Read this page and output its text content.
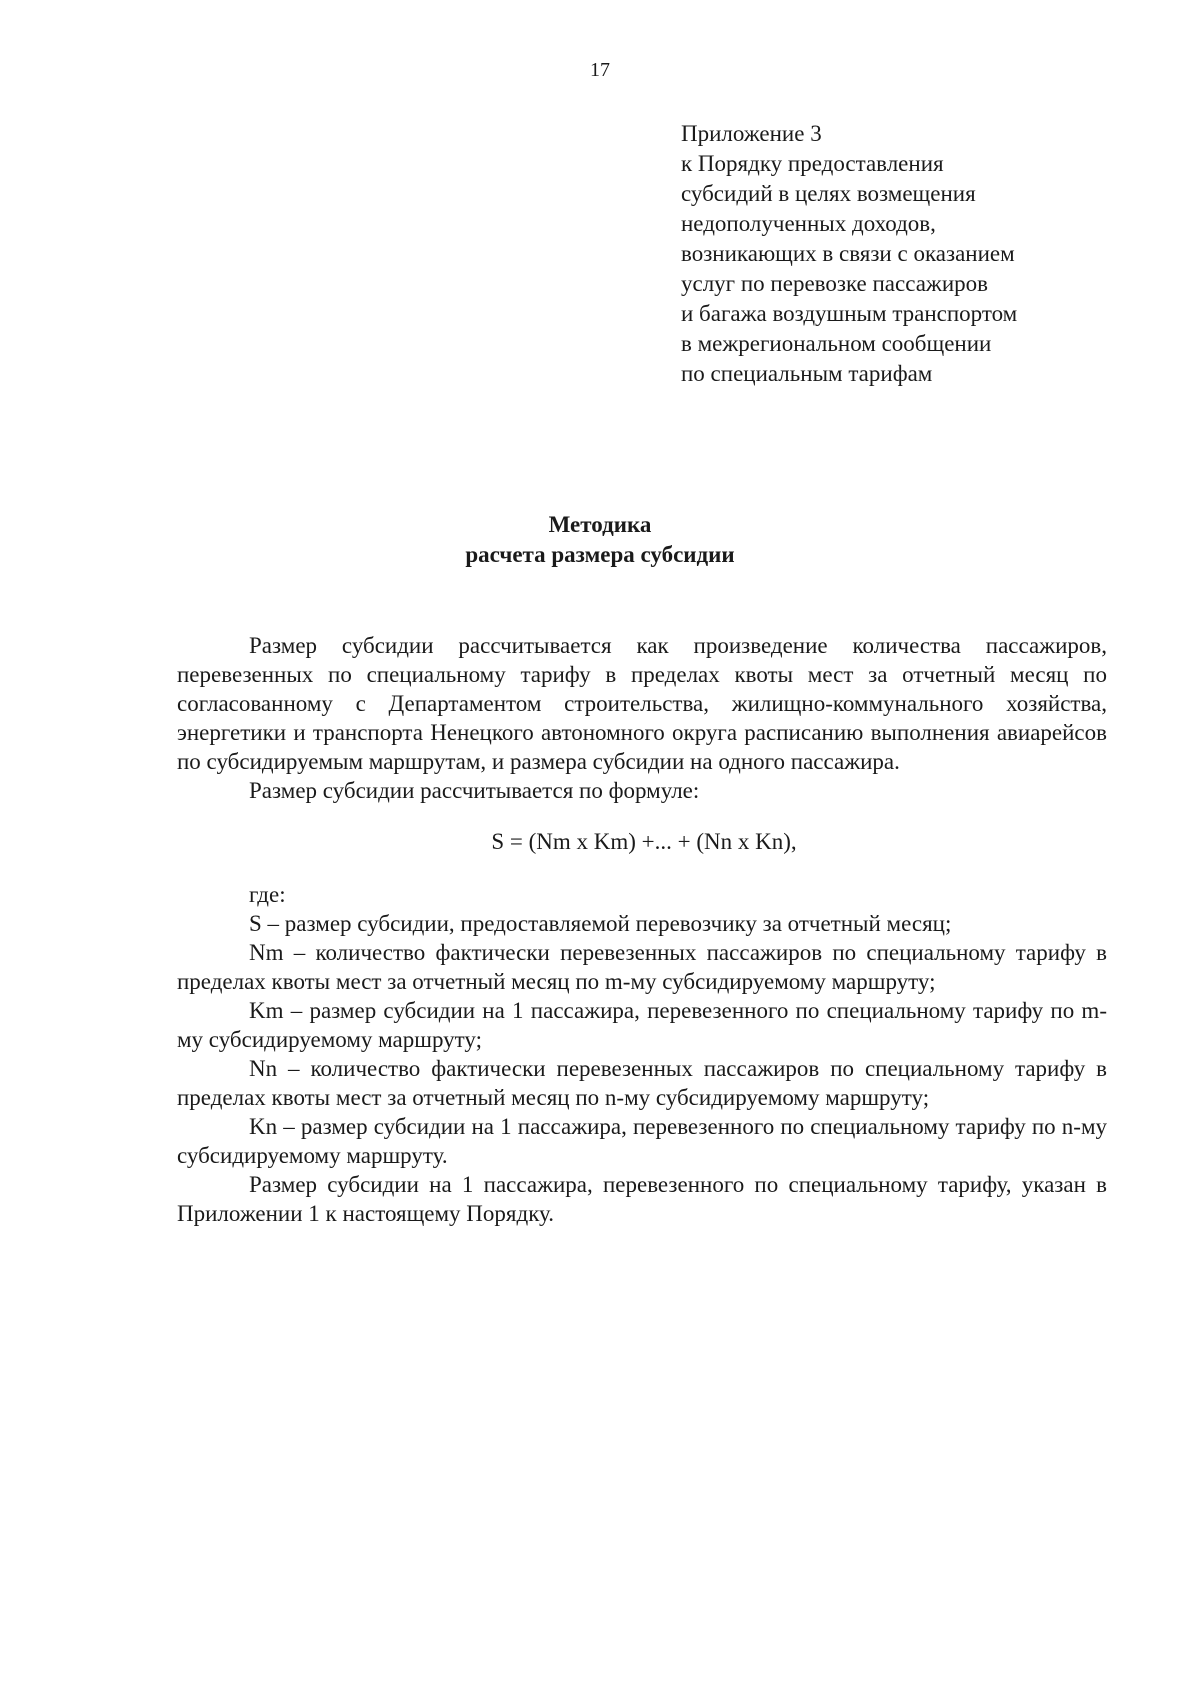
17
Приложение 3
к Порядку предоставления
субсидий в целях возмещения
недополученных доходов,
возникающих в связи с оказанием
услуг по перевозке пассажиров
и багажа воздушным транспортом
в межрегиональном сообщении
по специальным тарифам
Методика
расчета размера субсидии

Размер субсидии рассчитывается как произведение количества пассажиров, перевезенных по специальному тарифу в пределах квоты мест за отчетный месяц по согласованному с Департаментом строительства, жилищно-коммунального хозяйства, энергетики и транспорта Ненецкого автономного округа расписанию выполнения авиарейсов по субсидируемым маршрутам, и размера субсидии на одного пассажира.

Размер субсидии рассчитывается по формуле:

S = (Nm x Km) +... + (Nn x Kn),

где:

S – размер субсидии, предоставляемой перевозчику за отчетный месяц;

Nm – количество фактически перевезенных пассажиров по специальному тарифу в пределах квоты мест за отчетный месяц по m-му субсидируемому маршруту;

Km – размер субсидии на 1 пассажира, перевезенного по специальному тарифу по m-му субсидируемому маршруту;

Nn – количество фактически перевезенных пассажиров по специальному тарифу в пределах квоты мест за отчетный месяц по n-му субсидируемому маршруту;

Kn – размер субсидии на 1 пассажира, перевезенного по специальному тарифу по n-му субсидируемому маршруту.

Размер субсидии на 1 пассажира, перевезенного по специальному тарифу, указан в Приложении 1 к настоящему Порядку.
